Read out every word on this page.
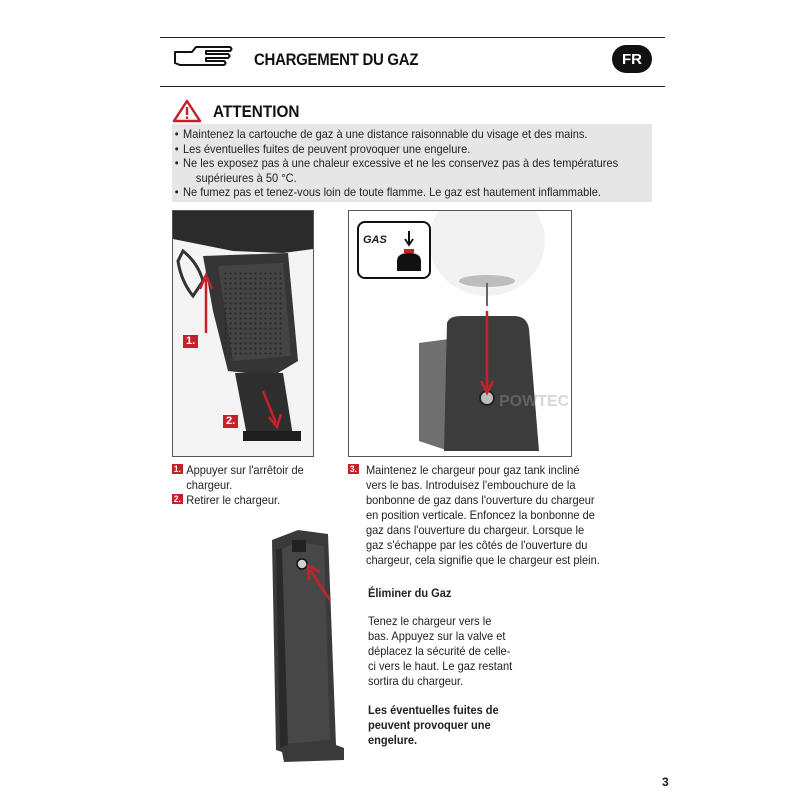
CHARGEMENT DU GAZ	FR
ATTENTION
• Maintenez la cartouche de gaz à une distance raisonnable du visage et des mains.
• Les éventuelles fuites de peuvent provoquer une engelure.
• Ne les exposez pas à une chaleur excessive et ne les conservez pas à des températures
supérieures à 50 °C.
• Ne fumez pas et tenez-vous loin de toute flamme. Le gaz est hautement inflammable.
1.
2.
POWTEC
GAS
1. Appuyer sur l'arrêtoir de chargeur.
2. Retirer le chargeur.
3. Maintenez le chargeur pour gaz tank incliné vers le bas. Introduisez l'embouchure de la bonbonne de gaz dans l'ouverture du chargeur en position verticale. Enfoncez la bonbonne de gaz dans l'ouverture du chargeur. Lorsque le gaz s'échappe par les côtés de l'ouverture du chargeur, cela signifie que le chargeur est plein.
Éliminer du Gaz
Tenez le chargeur vers le
bas. Appuyez sur la valve et
déplacez la sécurité de celle-
ci vers le haut. Le gaz restant
sortira du chargeur.
Les éventuelles fuites de
peuvent provoquer une
engelure.
3
